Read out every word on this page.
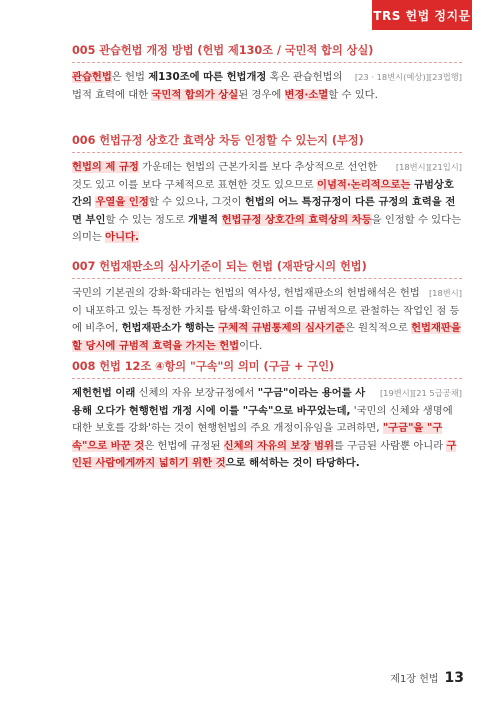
TRS 헌법 정지문
005 관습헌법 개정 방법 (헌법 제130조 / 국민적 합의 상실)

[23 · 18변시(예상)][23법행]
관습헌법은 헌법 제130조에 따른 헌법개정 혹은 관습헌법의 법적 효력에 대한 국민적 합의가 상실된 경우에 변경·소멸할 수 있다.

006 헌법규정 상호간 효력상 차등 인정할 수 있는지 (부정)

[18변시][21입시]
헌법의 제 규정 가운데는 헌법의 근본가치를 보다 추상적으로 선언한 것도 있고 이를 보다 구체적으로 표현한 것도 있으므로 이념적·논리적으로는 규범상호간의 우열을 인정할 수 있으나, 그것이 헌법의 어느 특정규정이 다른 규정의 효력을 전면 부인할 수 있는 정도로 개별적 헌법규정 상호간의 효력상의 차등을 인정할 수 있다는 의미는 아니다.

007 헌법재판소의 심사기준이 되는 헌법 (재판당시의 헌법)

[18변시]
국민의 기본권의 강화·확대라는 헌법의 역사성, 헌법재판소의 헌법해석은 헌법이 내포하고 있는 특정한 가치를 탐색·확인하고 이를 규범적으로 관철하는 작업인 점 등에 비추어, 헌법재판소가 행하는 구체적 규범통제의 심사기준은 원칙적으로 헌법재판을 할 당시에 규범적 효력을 가지는 헌법이다.

008 헌법 12조 ④항의 "구속"의 의미 (구금 + 구인)

[19변시][21 5급공채]
제헌헌법 이래 신체의 자유 보장규정에서 "구금"이라는 용어를 사용해 오다가 현행헌법 개정 시에 이를 "구속"으로 바꾸었는데, '국민의 신체와 생명에 대한 보호를 강화'하는 것이 현행헌법의 주요 개정이유임을 고려하면, "구금"을 "구속"으로 바꾼 것은 헌법에 규정된 신체의 자유의 보장 범위를 구금된 사람뿐 아니라 구인된 사람에게까지 넓히기 위한 것으로 해석하는 것이 타당하다.

제1장 헌법 13
